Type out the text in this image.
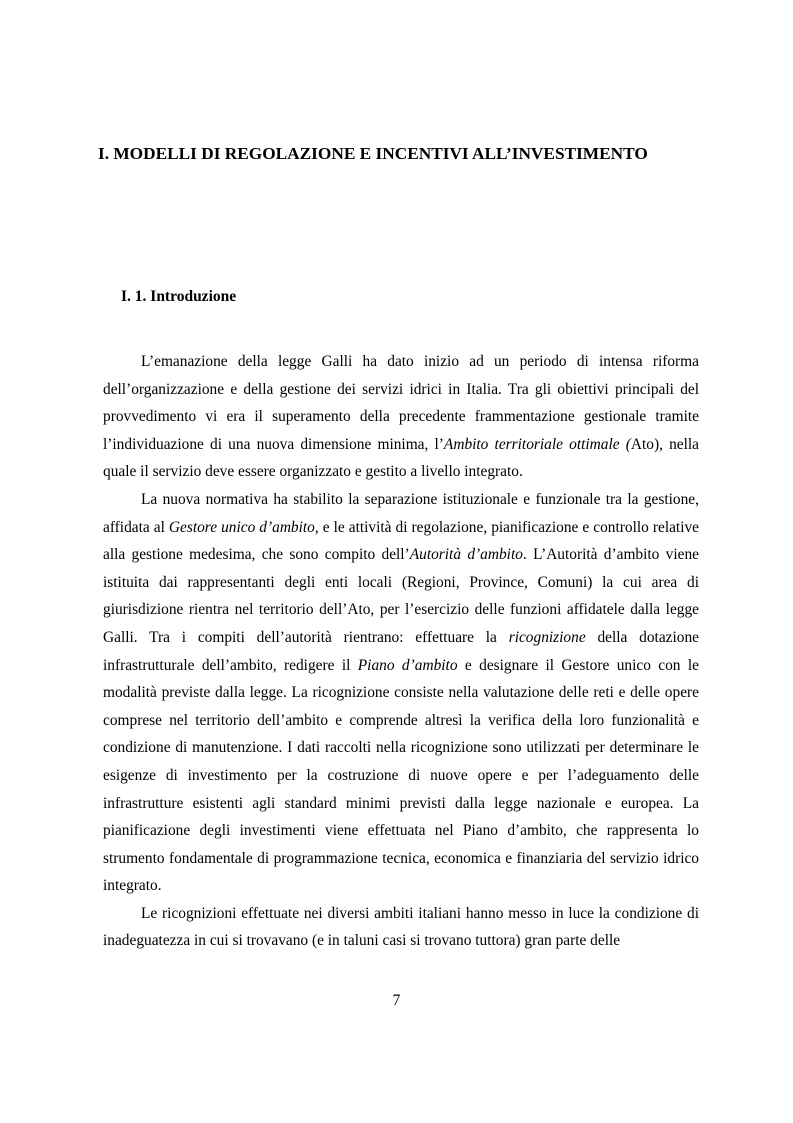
I. MODELLI DI REGOLAZIONE E INCENTIVI ALL’INVESTIMENTO
I. 1. Introduzione

L’emanazione della legge Galli ha dato inizio ad un periodo di intensa riforma dell’organizzazione e della gestione dei servizi idrici in Italia. Tra gli obiettivi principali del provvedimento vi era il superamento della precedente frammentazione gestionale tramite l’individuazione di una nuova dimensione minima, l’Ambito territoriale ottimale (Ato), nella quale il servizio deve essere organizzato e gestito a livello integrato.

La nuova normativa ha stabilito la separazione istituzionale e funzionale tra la gestione, affidata al Gestore unico d’ambito, e le attività di regolazione, pianificazione e controllo relative alla gestione medesima, che sono compito dell’Autorità d’ambito. L’Autorità d’ambito viene istituita dai rappresentanti degli enti locali (Regioni, Province, Comuni) la cui area di giurisdizione rientra nel territorio dell’Ato, per l’esercizio delle funzioni affidatele dalla legge Galli. Tra i compiti dell’autorità rientrano: effettuare la ricognizione della dotazione infrastrutturale dell’ambito, redigere il Piano d’ambito e designare il Gestore unico con le modalità previste dalla legge. La ricognizione consiste nella valutazione delle reti e delle opere comprese nel territorio dell’ambito e comprende altresì la verifica della loro funzionalità e condizione di manutenzione. I dati raccolti nella ricognizione sono utilizzati per determinare le esigenze di investimento per la costruzione di nuove opere e per l’adeguamento delle infrastrutture esistenti agli standard minimi previsti dalla legge nazionale e europea. La pianificazione degli investimenti viene effettuata nel Piano d’ambito, che rappresenta lo strumento fondamentale di programmazione tecnica, economica e finanziaria del servizio idrico integrato.

Le ricognizioni effettuate nei diversi ambiti italiani hanno messo in luce la condizione di inadeguatezza in cui si trovavano (e in taluni casi si trovano tuttora) gran parte delle

7
